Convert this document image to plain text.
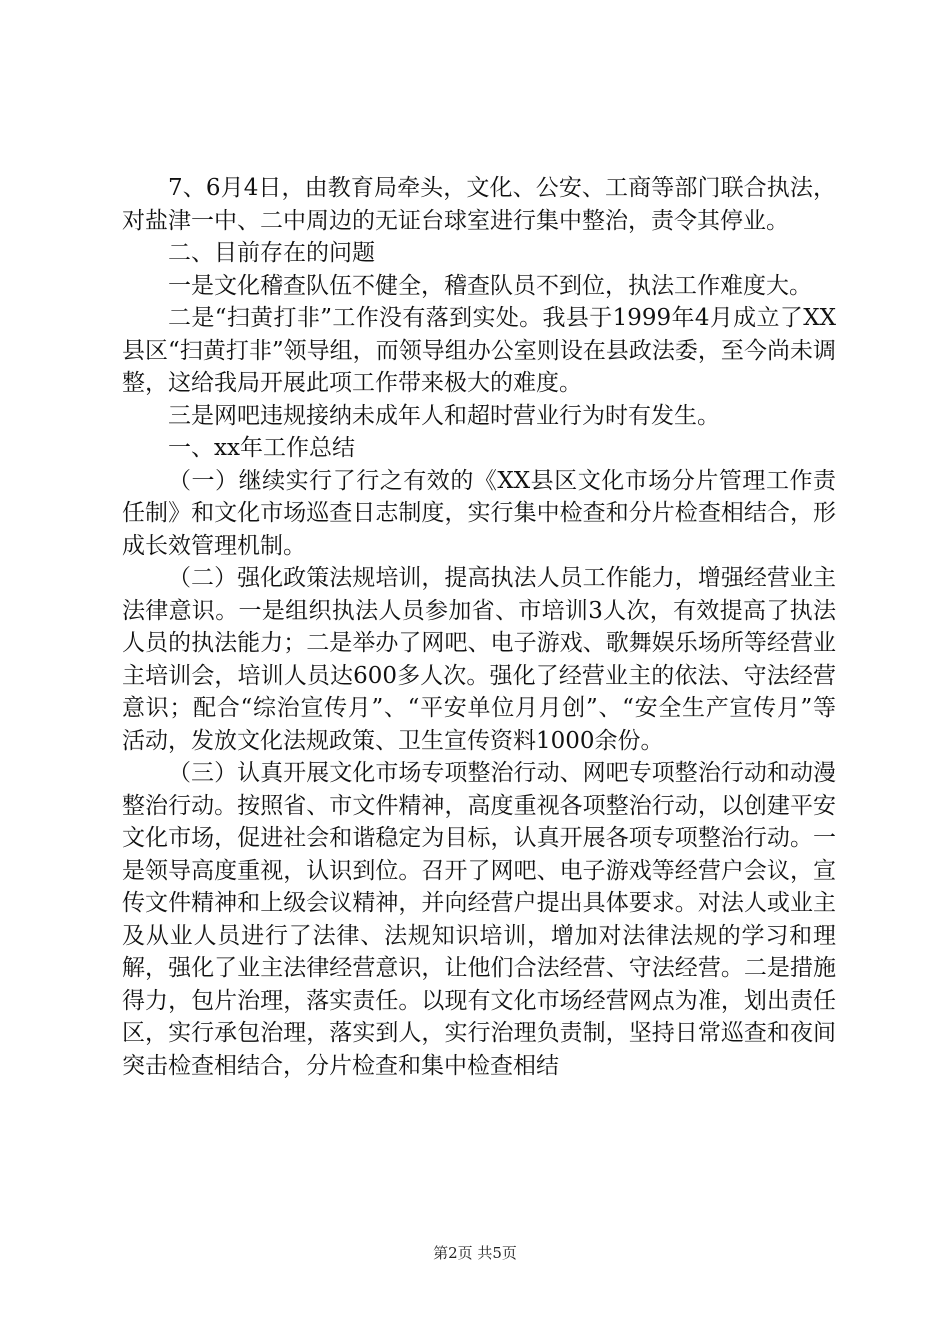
7、6月4日，由教育局牵头，文化、公安、工商等部门联合执法，对盐津一中、二中周边的无证台球室进行集中整治，责令其停业。

二、目前存在的问题

一是文化稽查队伍不健全，稽查队员不到位，执法工作难度大。

二是“扫黄打非”工作没有落到实处。我县于1999年4月成立了XX县区“扫黄打非”领导组，而领导组办公室则设在县政法委，至今尚未调整，这给我局开展此项工作带来极大的难度。

三是网吧违规接纳未成年人和超时营业行为时有发生。

一、xx年工作总结

（一）继续实行了行之有效的《XX县区文化市场分片管理工作责任制》和文化市场巡查日志制度，实行集中检查和分片检查相结合，形成长效管理机制。

（二）强化政策法规培训，提高执法人员工作能力，增强经营业主法律意识。一是组织执法人员参加省、市培训3人次，有效提高了执法人员的执法能力；二是举办了网吧、电子游戏、歌舞娱乐场所等经营业主培训会，培训人员达600多人次。强化了经营业主的依法、守法经营意识；配合“综治宣传月”、“平安单位月月创”、“安全生产宣传月”等活动，发放文化法规政策、卫生宣传资料1000余份。

（三）认真开展文化市场专项整治行动、网吧专项整治行动和动漫整治行动。按照省、市文件精神，高度重视各项整治行动，以创建平安文化市场，促进社会和谐稳定为目标，认真开展各项专项整治行动。一是领导高度重视，认识到位。召开了网吧、电子游戏等经营户会议，宣传文件精神和上级会议精神，并向经营户提出具体要求。对法人或业主及从业人员进行了法律、法规知识培训，增加对法律法规的学习和理解，强化了业主法律经营意识，让他们合法经营、守法经营。二是措施得力，包片治理，落实责任。以现有文化市场经营网点为准，划出责任区，实行承包治理，落实到人，实行治理负责制，坚持日常巡查和夜间突击检查相结合，分片检查和集中检查相结

第2页 共5页
